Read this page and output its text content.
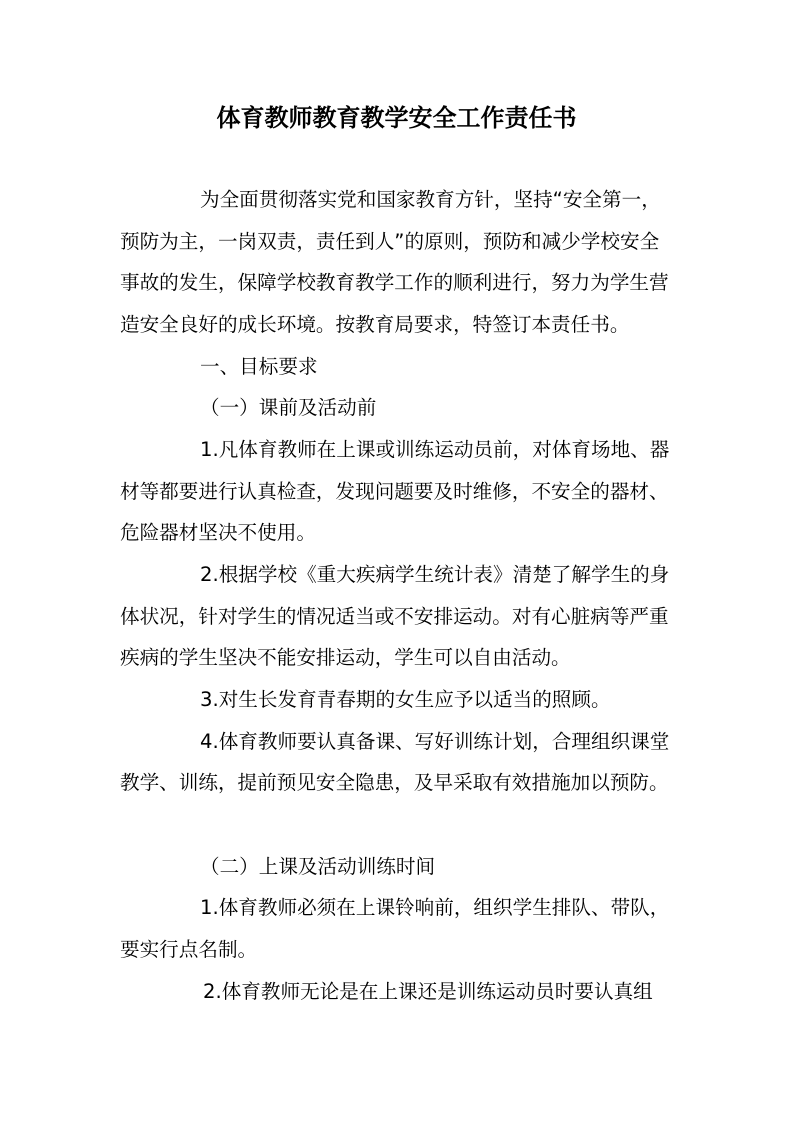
体育教师教育教学安全工作责任书
为全面贯彻落实党和国家教育方针，坚持“安全第一，
预防为主，一岗双责，责任到人”的原则，预防和减少学校安全
事故的发生，保障学校教育教学工作的顺利进行，努力为学生营
造安全良好的成长环境。按教育局要求，特签订本责任书。
一、目标要求
（一）课前及活动前
1.凡体育教师在上课或训练运动员前，对体育场地、器
材等都要进行认真检查，发现问题要及时维修，不安全的器材、
危险器材坚决不使用。
2.根据学校《重大疾病学生统计表》清楚了解学生的身
体状况，针对学生的情况适当或不安排运动。对有心脏病等严重
疾病的学生坚决不能安排运动，学生可以自由活动。
3.对生长发育青春期的女生应予以适当的照顾。
4.体育教师要认真备课、写好训练计划，合理组织课堂
教学、训练，提前预见安全隐患，及早采取有效措施加以预防。
（二）上课及活动训练时间
1.体育教师必须在上课铃响前，组织学生排队、带队，
要实行点名制。
2.体育教师无论是在上课还是训练运动员时要认真组
